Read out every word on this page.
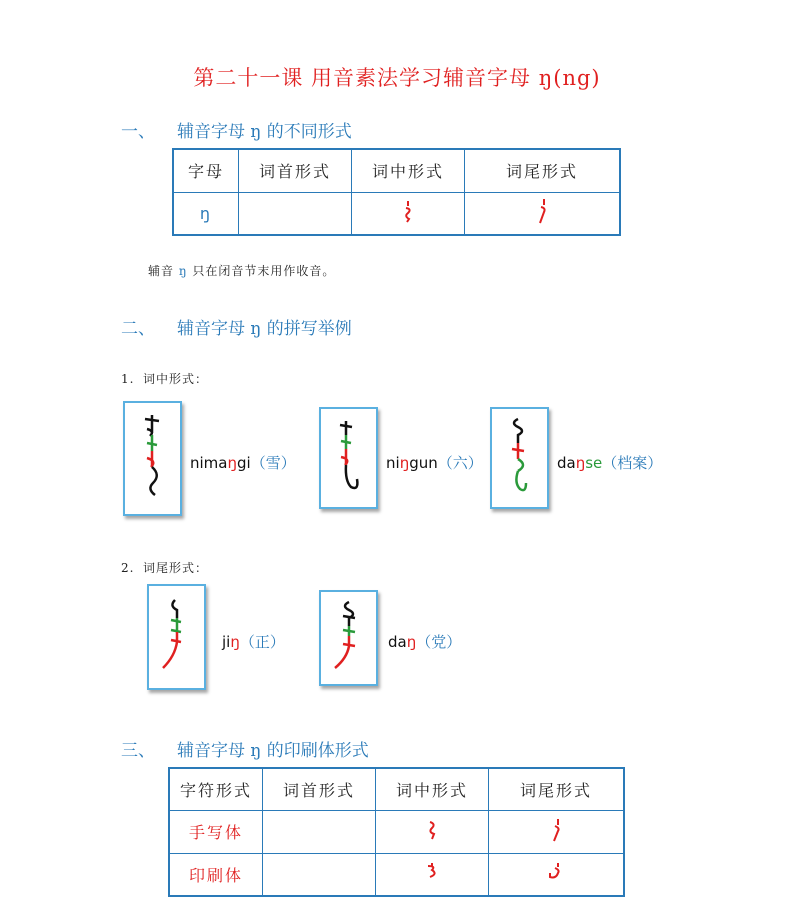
第二十一课 用音素法学习辅音字母 ŋ(ng)
一、 辅音字母 ŋ 的不同形式
字母	词首形式	词中形式	词尾形式
ŋ			
辅音 ŋ 只在闭音节末用作收音。
二、 辅音字母 ŋ 的拼写举例
1. 词中形式：
nimaŋgi（雪）	niŋgun（六）	daŋse（档案）
2. 词尾形式：
jiŋ（正）	daŋ（党）
三、 辅音字母 ŋ 的印刷体形式
字符形式	词首形式	词中形式	词尾形式
手写体			
印刷体			
